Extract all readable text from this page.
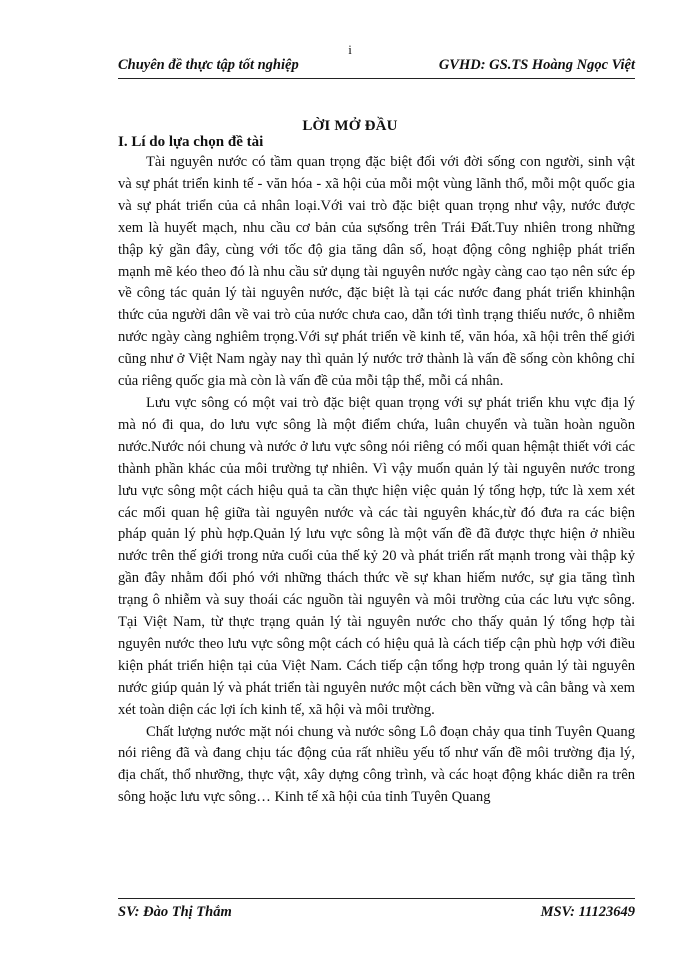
i
Chuyên đề thực tập tốt nghiệp	GVHD: GS.TS Hoàng Ngọc Việt
LỜI MỞ ĐẦU
I. Lí do lựa chọn đề tài

Tài nguyên nước có tầm quan trọng đặc biệt đối với đời sống con người, sinh vật và sự phát triển kinh tế - văn hóa - xã hội của mỗi một vùng lãnh thổ, mỗi một quốc gia và sự phát triển của cả nhân loại.Với vai trò đặc biệt quan trọng như vậy, nước được xem là huyết mạch, nhu cầu cơ bản của sựsống trên Trái Đất.Tuy nhiên trong những thập kỷ gần đây, cùng với tốc độ gia tăng dân số, hoạt động công nghiệp phát triển mạnh mẽ kéo theo đó là nhu cầu sử dụng tài nguyên nước ngày càng cao tạo nên sức ép về công tác quản lý tài nguyên nước, đặc biệt là tại các nước đang phát triển khinhận thức của người dân về vai trò của nước chưa cao, dẫn tới tình trạng thiếu nước, ô nhiễm nước ngày càng nghiêm trọng.Với sự phát triển về kinh tế, văn hóa, xã hội trên thế giới cũng như ở Việt Nam ngày nay thì quản lý nước trở thành là vấn đề sống còn không chỉ của riêng quốc gia mà còn là vấn đề của mỗi tập thể, mỗi cá nhân.

Lưu vực sông có một vai trò đặc biệt quan trọng với sự phát triển khu vực địa lý mà nó đi qua, do lưu vực sông là một điểm chứa, luân chuyển và tuần hoàn nguồn nước.Nước nói chung và nước ở lưu vực sông nói riêng có mối quan hệmật thiết với các thành phần khác của môi trường tự nhiên. Vì vậy muốn quản lý tài nguyên nước trong lưu vực sông một cách hiệu quả ta cần thực hiện việc quản lý tổng hợp, tức là xem xét các mối quan hệ giữa tài nguyên nước và các tài nguyên khác,từ đó đưa ra các biện pháp quản lý phù hợp.Quản lý lưu vực sông là một vấn đề đã được thực hiện ở nhiều nước trên thế giới trong nửa cuối của thế kỷ 20 và phát triển rất mạnh trong vài thập kỷ gần đây nhằm đối phó với những thách thức về sự khan hiếm nước, sự gia tăng tình trạng ô nhiễm và suy thoái các nguồn tài nguyên và môi trường của các lưu vực sông. Tại Việt Nam, từ thực trạng quản lý tài nguyên nước cho thấy quản lý tổng hợp tài nguyên nước theo lưu vực sông một cách có hiệu quả là cách tiếp cận phù hợp với điều kiện phát triển hiện tại của Việt Nam. Cách tiếp cận tổng hợp trong quản lý tài nguyên nước giúp quản lý và phát triển tài nguyên nước một cách bền vững và cân bằng và xem xét toàn diện các lợi ích kinh tế, xã hội và môi trường.

Chất lượng nước mặt nói chung và nước sông Lô đoạn chảy qua tỉnh Tuyên Quang nói riêng đã và đang chịu tác động của rất nhiều yếu tố như vấn đề môi trường địa lý, địa chất, thổ nhưỡng, thực vật, xây dựng công trình, và các hoạt động khác diễn ra trên sông hoặc lưu vực sông… Kinh tế xã hội của tỉnh Tuyên Quang

SV: Đào Thị Thắm	MSV: 11123649
